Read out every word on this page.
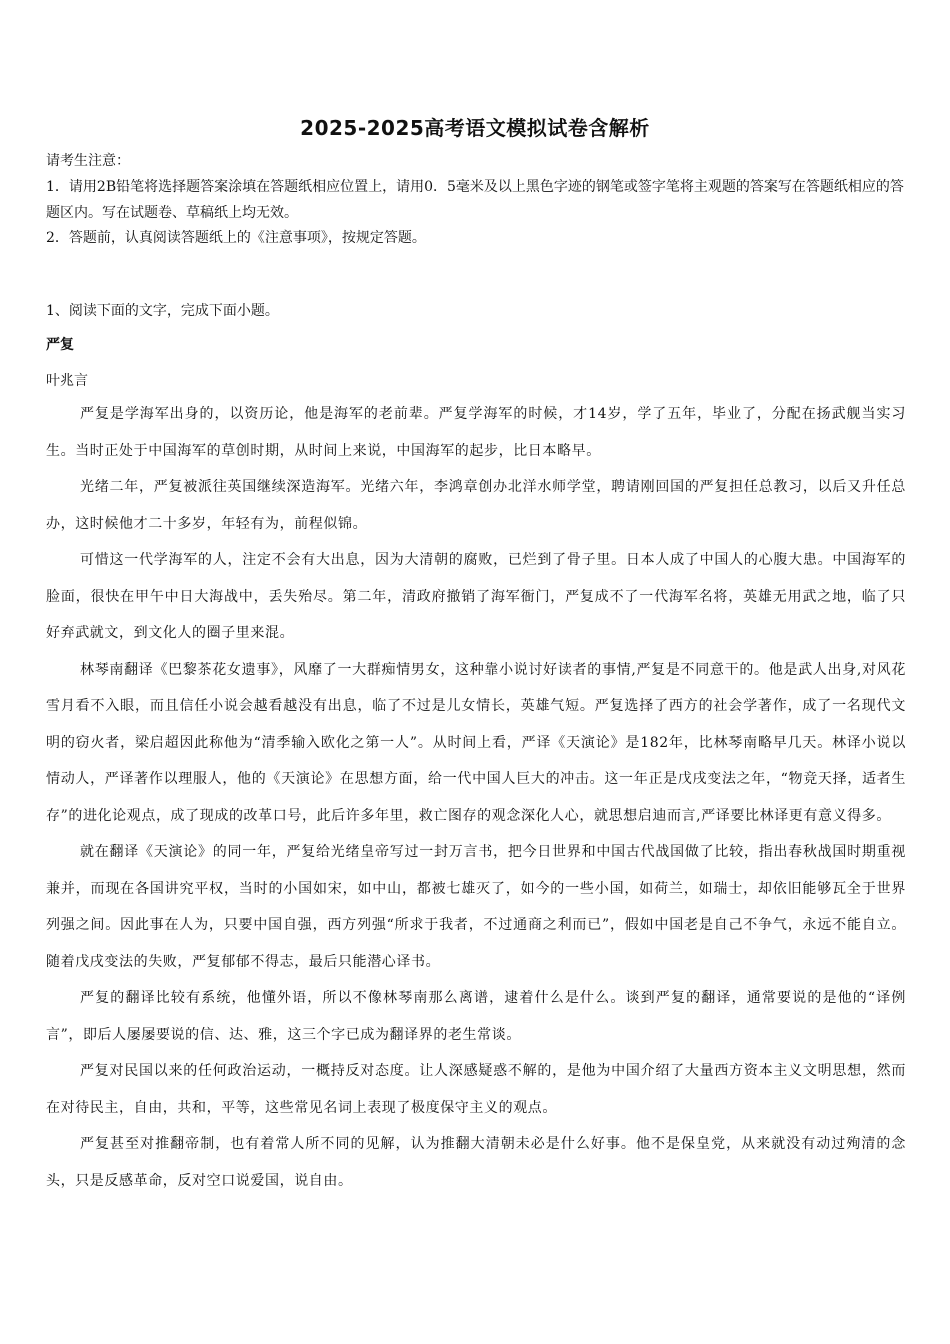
2025-2025高考语文模拟试卷含解析
请考生注意：
1．请用2B铅笔将选择题答案涂填在答题纸相应位置上，请用0．5毫米及以上黑色字迹的钢笔或签字笔将主观题的答案写在答题纸相应的答题区内。写在试题卷、草稿纸上均无效。
2．答题前，认真阅读答题纸上的《注意事项》，按规定答题。
1、阅读下面的文字，完成下面小题。
严复
叶兆言

严复是学海军出身的，以资历论，他是海军的老前辈。严复学海军的时候，才14岁，学了五年，毕业了，分配在扬武舰当实习生。当时正处于中国海军的草创时期，从时间上来说，中国海军的起步，比日本略早。

光绪二年，严复被派往英国继续深造海军。光绪六年，李鸿章创办北洋水师学堂，聘请刚回国的严复担任总教习，以后又升任总办，这时候他才二十多岁，年轻有为，前程似锦。

可惜这一代学海军的人，注定不会有大出息，因为大清朝的腐败，已烂到了骨子里。日本人成了中国人的心腹大患。中国海军的脸面，很快在甲午中日大海战中，丢失殆尽。第二年，清政府撤销了海军衙门，严复成不了一代海军名将，英雄无用武之地，临了只好弃武就文，到文化人的圈子里来混。

林琴南翻译《巴黎茶花女遗事》，风靡了一大群痴情男女，这种靠小说讨好读者的事情,严复是不同意干的。他是武人出身,对风花雪月看不入眼，而且信任小说会越看越没有出息，临了不过是儿女情长，英雄气短。严复选择了西方的社会学著作，成了一名现代文明的窃火者，梁启超因此称他为“清季输入欧化之第一人”。从时间上看，严译《天演论》是182年，比林琴南略早几天。林译小说以情动人，严译著作以理服人，他的《天演论》在思想方面，给一代中国人巨大的冲击。这一年正是戊戌变法之年，“物竞天择，适者生存”的进化论观点，成了现成的改革口号，此后许多年里，救亡图存的观念深化人心，就思想启迪而言,严译要比林译更有意义得多。

就在翻译《天演论》的同一年，严复给光绪皇帝写过一封万言书，把今日世界和中国古代战国做了比较，指出春秋战国时期重视兼并，而现在各国讲究平权，当时的小国如宋，如中山，都被七雄灭了，如今的一些小国，如荷兰，如瑞士，却依旧能够瓦全于世界列强之间。因此事在人为，只要中国自强，西方列强“所求于我者，不过通商之利而已”，假如中国老是自己不争气，永远不能自立。随着戊戌变法的失败，严复郁郁不得志，最后只能潜心译书。

严复的翻译比较有系统，他懂外语，所以不像林琴南那么离谱，逮着什么是什么。谈到严复的翻译，通常要说的是他的“译例言”，即后人屡屡要说的信、达、雅，这三个字已成为翻译界的老生常谈。

严复对民国以来的任何政治运动，一概持反对态度。让人深感疑惑不解的，是他为中国介绍了大量西方资本主义文明思想，然而在对待民主，自由，共和，平等，这些常见名词上表现了极度保守主义的观点。

严复甚至对推翻帝制，也有着常人所不同的见解，认为推翻大清朝未必是什么好事。他不是保皇党，从来就没有动过殉清的念头，只是反感革命，反对空口说爱国，说自由。
